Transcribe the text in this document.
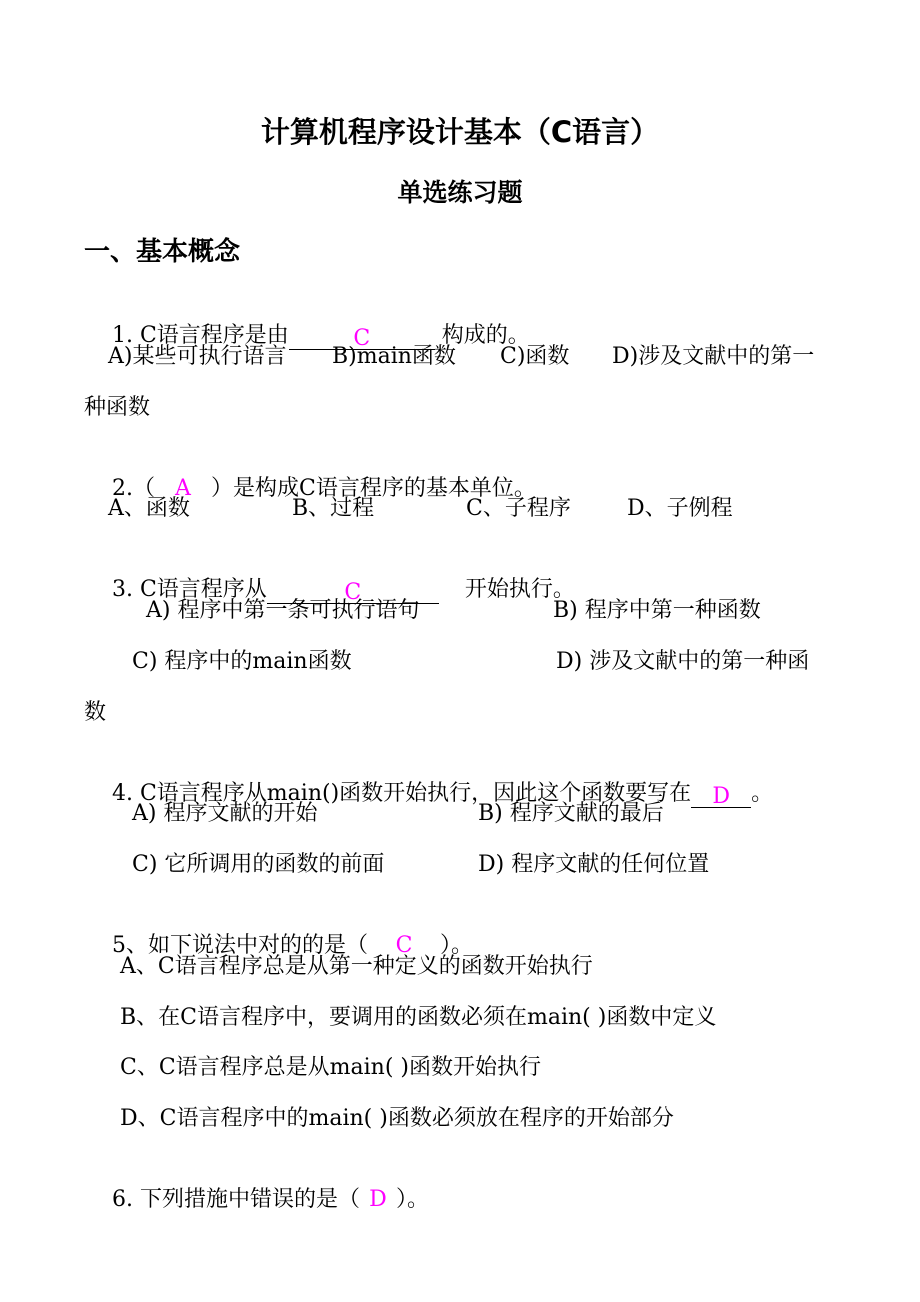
计算机程序设计基本（C语言）
单选练习题
一、基本概念

1. C语言程序是由	C	构成的。

A)某些可执行语言 B)main函数 C)函数 D)涉及文献中的第一
种函数

2.（ A ）是构成C语言程序的基本单位。

A、函数	B、过程	C、子程序	D、子例程

3. C语言程序从	C	开始执行。

A) 程序中第一条可执行语句	B) 程序中第一种函数
C) 程序中的main函数	D) 涉及文献中的第一种函
数

4. C语言程序从main()函数开始执行，因此这个函数要写在 D 。

A) 程序文献的开始	B) 程序文献的最后
C) 它所调用的函数的前面	D) 程序文献的任何位置

5、如下说法中对的的是（ C ）。

A、C语言程序总是从第一种定义的函数开始执行
B、在C语言程序中，要调用的函数必须在main( )函数中定义
C、C语言程序总是从main( )函数开始执行
D、C语言程序中的main( )函数必须放在程序的开始部分

6. 下列措施中错误的是（ D ）。
